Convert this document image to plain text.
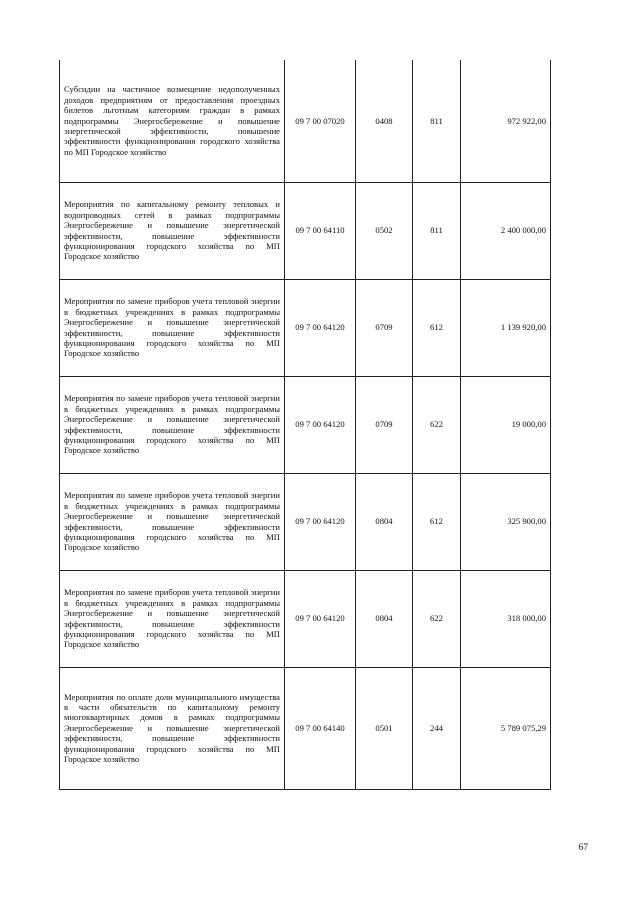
Субсидии на частичное возмещение недополученных доходов предприятиям от предоставления проездных билетов льготным категориям граждан в рамках подпрограммы Энергосбережение и повышение энергетической эффективности, повышение эффективности функционирования городского хозяйства по МП Городское хозяйство	09 7 00 07020	0408	811	972 922,00
Мероприятия по капитальному ремонту тепловых и водопроводных сетей в рамках подпрограммы Энергосбережение и повышение энергетической эффективности, повышение эффективности функционирования городского хозяйства по МП Городское хозяйство	09 7 00 64110	0502	811	2 400 000,00
Мероприятия по замене приборов учета тепловой энергии в бюджетных учреждениях в рамках подпрограммы Энергосбережение и повышение энергетической эффективности, повышение эффективности функционирования городского хозяйства по МП Городское хозяйство	09 7 00 64120	0709	612	1 139 920,00
Мероприятия по замене приборов учета тепловой энергии в бюджетных учреждениях в рамках подпрограммы Энергосбережение и повышение энергетической эффективности, повышение эффективности функционирования городского хозяйства по МП Городское хозяйство	09 7 00 64120	0709	622	19 000,00
Мероприятия по замене приборов учета тепловой энергии в бюджетных учреждениях в рамках подпрограммы Энергосбережение и повышение энергетической эффективности, повышение эффективности функционирования городского хозяйства по МП Городское хозяйство	09 7 00 64120	0804	612	325 900,00
Мероприятия по замене приборов учета тепловой энергии в бюджетных учреждениях в рамках подпрограммы Энергосбережение и повышение энергетической эффективности, повышение эффективности функционирования городского хозяйства по МП Городское хозяйство	09 7 00 64120	0804	622	318 000,00
Мероприятия по оплате доли муниципального имущества в части обязательств по капитальному ремонту многоквартирных домов в рамках подпрограммы Энергосбережение и повышение энергетической эффективности, повышение эффективности функционирования городского хозяйства по МП Городское хозяйство	09 7 00 64140	0501	244	5 789 075,29
67
